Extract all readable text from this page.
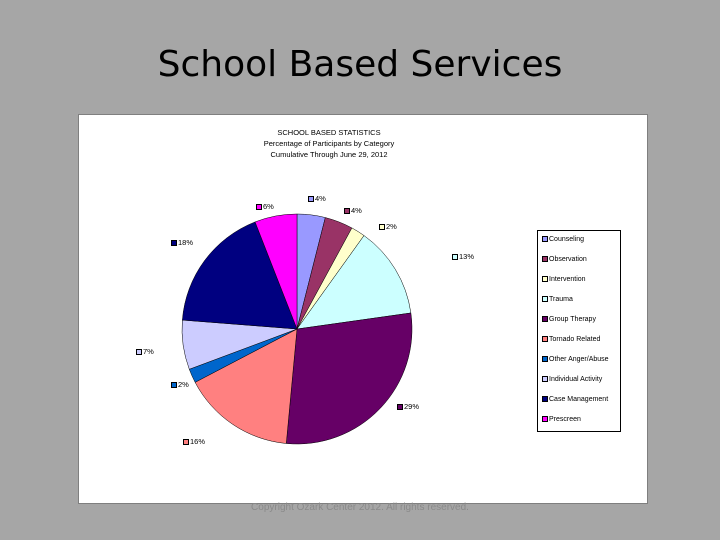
School Based Services

SCHOOL BASED STATISTICS

Percentage of Participants by Category

Cumulative Through June 29, 2012

4%
4%
2%
13%
29%
16%
2%
7%
18%
6%
Counseling
Observation
Intervention
Trauma
Group Therapy
Tornado Related
Other Anger/Abuse
Individual Activity
Case Management
Prescreen
Copyright Ozark Center 2012. All rights reserved.
